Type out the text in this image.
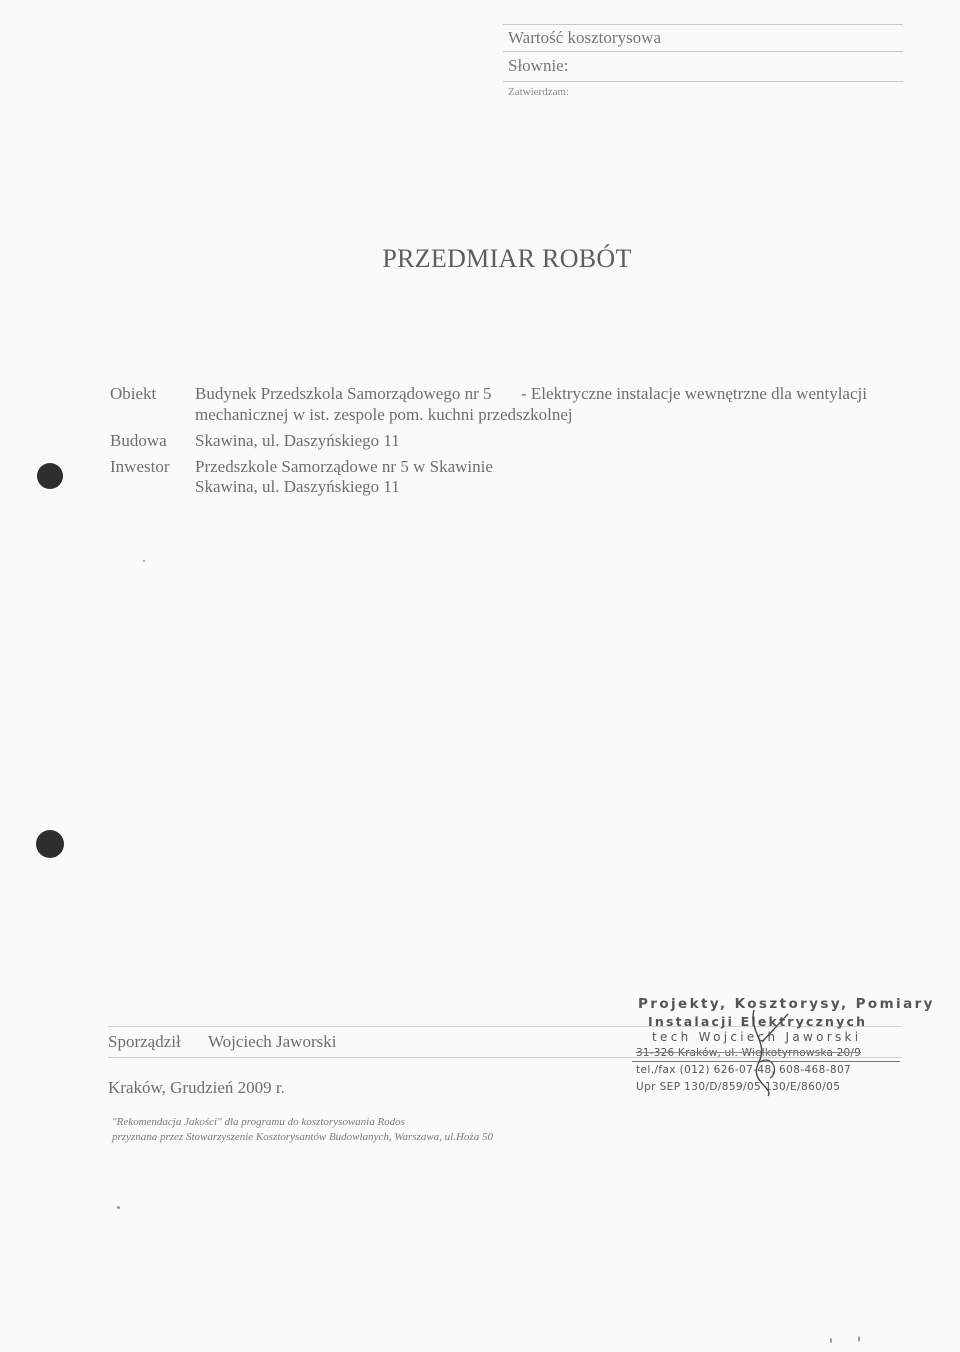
Wartość kosztorysowa
Słownie:
Zatwierdzam:
PRZEDMIAR ROBÓT
Obiekt Budynek Przedszkola Samorządowego nr 5 - Elektryczne instalacje wewnętrzne dla wentylacji
mechanicznej w ist. zespole pom. kuchni przedszkolnej
Budowa Skawina, ul. Daszyńskiego 11
Inwestor Przedszkole Samorządowe nr 5 w Skawinie
Skawina, ul. Daszyńskiego 11
Sporządził Wojciech Jaworski
Kraków, Grudzień 2009 r.
Projekty, Kosztorysy, Pomiary
Instalacji Elektrycznych
tech Wojciech Jaworski
31-326 Kraków, ul. Wielkotyrnowska 20/9
tel./fax (012) 626-07-48, 608-468-807
Upr SEP 130/D/859/05 130/E/860/05
"Rekomendacja Jakości" dla programu do kosztorysowania Rodos
przyznana przez Stowarzyszenie Kosztorysantów Budowlanych, Warszawa, ul.Hoża 50
